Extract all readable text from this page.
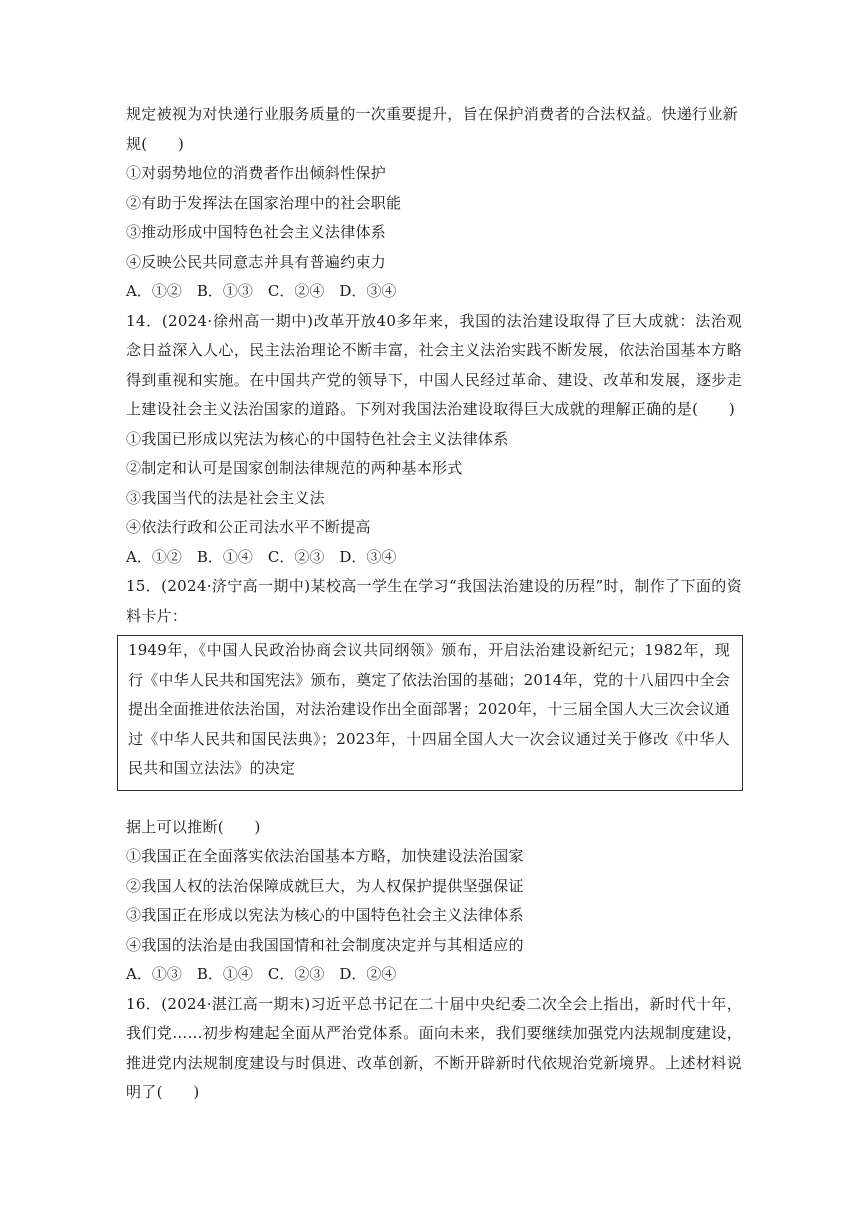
规定被视为对快递行业服务质量的一次重要提升，旨在保护消费者的合法权益。快递行业新
规(　　)
①对弱势地位的消费者作出倾斜性保护
②有助于发挥法在国家治理中的社会职能
③推动形成中国特色社会主义法律体系
④反映公民共同意志并具有普遍约束力
A．①②　B．①③　C．②④　D．③④
14．(2024·徐州高一期中)改革开放40多年来，我国的法治建设取得了巨大成就：法治观念日益深入人心，民主法治理论不断丰富，社会主义法治实践不断发展，依法治国基本方略得到重视和实施。在中国共产党的领导下，中国人民经过革命、建设、改革和发展，逐步走上建设社会主义法治国家的道路。下列对我国法治建设取得巨大成就的理解正确的是(　　)
①我国已形成以宪法为核心的中国特色社会主义法律体系
②制定和认可是国家创制法律规范的两种基本形式
③我国当代的法是社会主义法
④依法行政和公正司法水平不断提高
A．①②　B．①④　C．②③　D．③④
15．(2024·济宁高一期中)某校高一学生在学习“我国法治建设的历程”时，制作了下面的资料卡片：
1949年，《中国人民政治协商会议共同纲领》颁布，开启法治建设新纪元；1982年，现行《中华人民共和国宪法》颁布，奠定了依法治国的基础；2014年，党的十八届四中全会提出全面推进依法治国，对法治建设作出全面部署；2020年，十三届全国人大三次会议通过《中华人民共和国民法典》；2023年，十四届全国人大一次会议通过关于修改《中华人民共和国立法法》的决定
据上可以推断(　　)
①我国正在全面落实依法治国基本方略，加快建设法治国家
②我国人权的法治保障成就巨大，为人权保护提供坚强保证
③我国正在形成以宪法为核心的中国特色社会主义法律体系
④我国的法治是由我国国情和社会制度决定并与其相适应的
A．①③　B．①④　C．②③　D．②④
16．(2024·湛江高一期末)习近平总书记在二十届中央纪委二次全会上指出，新时代十年，我们党……初步构建起全面从严治党体系。面向未来，我们要继续加强党内法规制度建设，推进党内法规制度建设与时俱进、改革创新，不断开辟新时代依规治党新境界。上述材料说明了(　　)
